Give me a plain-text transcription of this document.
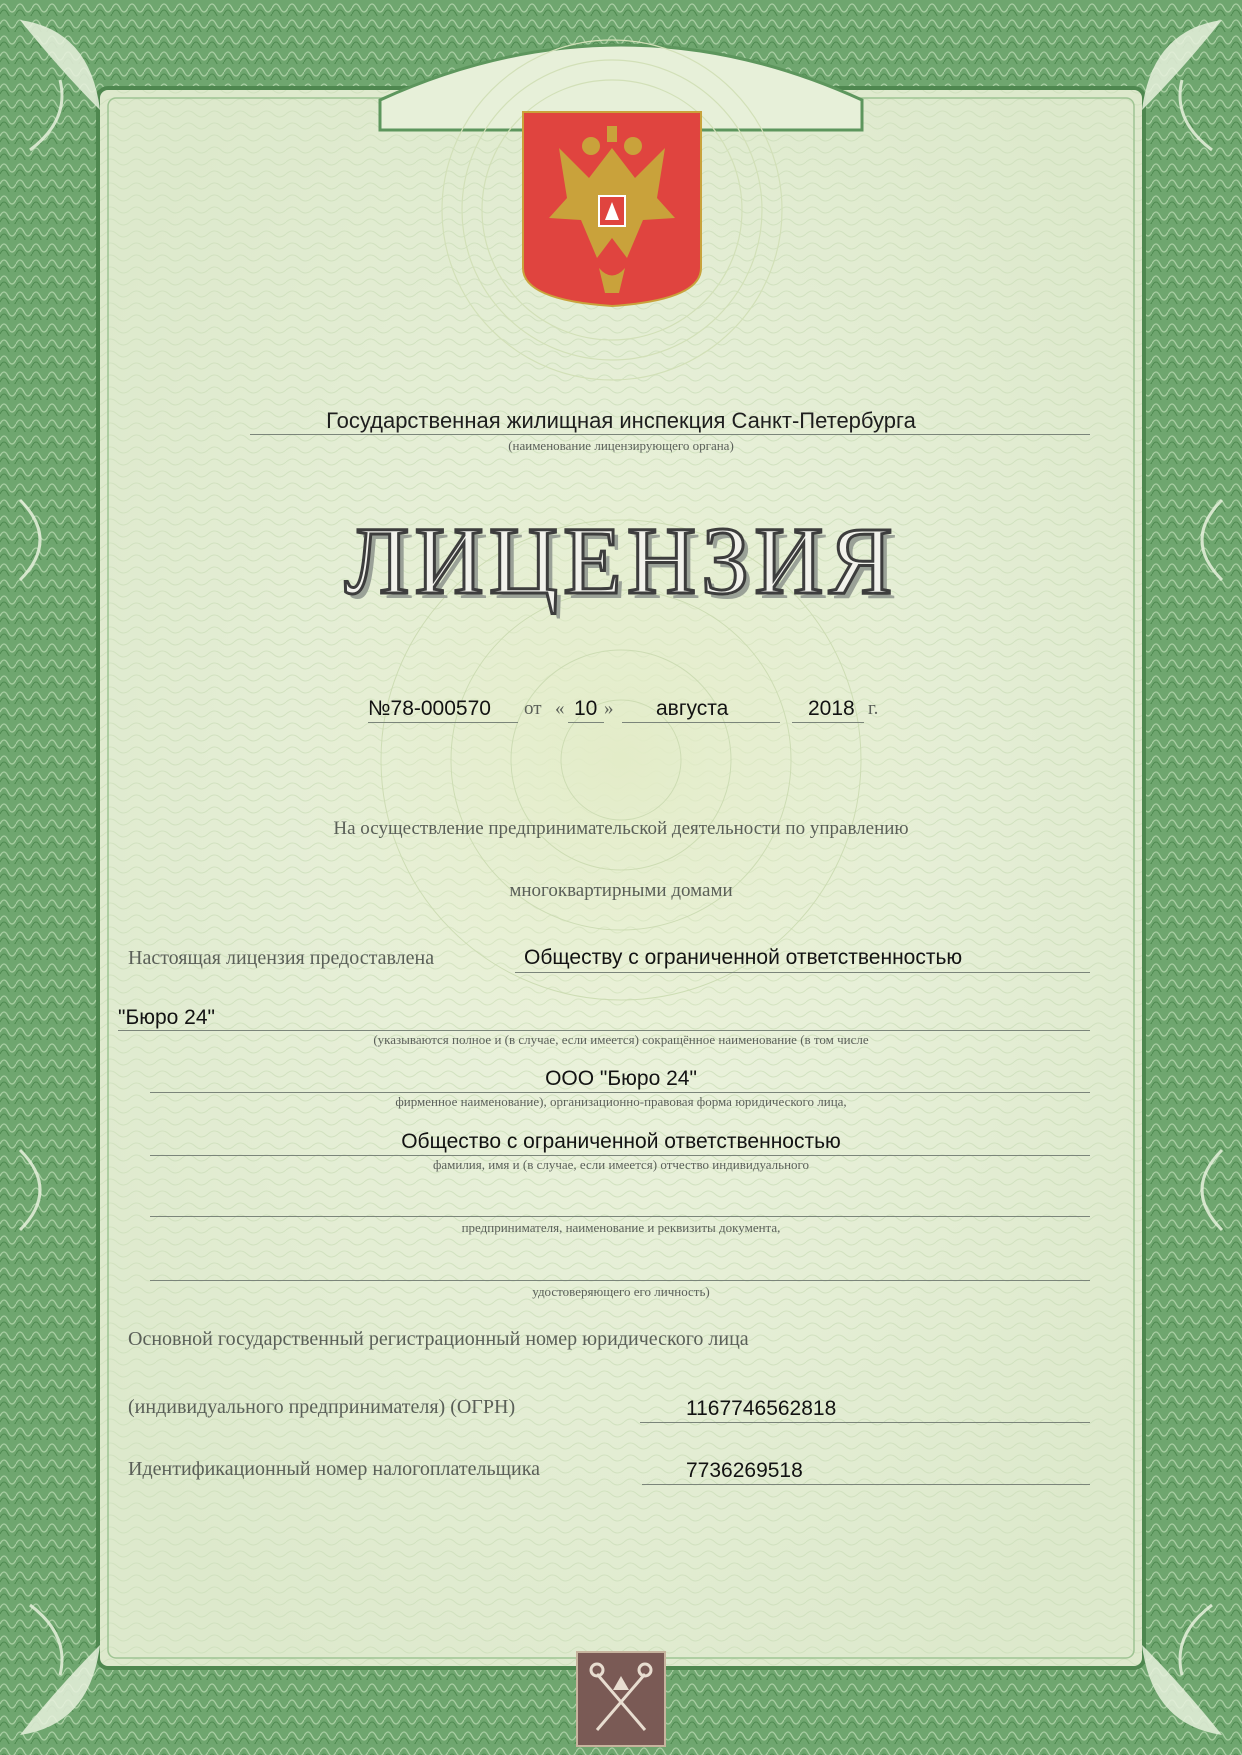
Государственная жилищная инспекция Санкт-Петербурга
(наименование лицензирующего органа)
ЛИЦЕНЗИЯ
№78-000570 от « 10 » августа	2018 г.
На осуществление предпринимательской деятельности по управлению
многоквартирными домами
Настоящая лицензия предоставлена	Обществу с ограниченной ответственностью
"Бюро 24"
(указываются полное и (в случае, если имеется) сокращённое наименование (в том числе
ООО "Бюро 24"
фирменное наименование), организационно-правовая форма юридического лица,
Общество с ограниченной ответственностью
фамилия, имя и (в случае, если имеется) отчество индивидуального
предпринимателя, наименование и реквизиты документа,
удостоверяющего его личность)
Основной государственный регистрационный номер юридического лица
(индивидуального предпринимателя) (ОГРН)	1167746562818
Идентификационный номер налогоплательщика	7736269518
